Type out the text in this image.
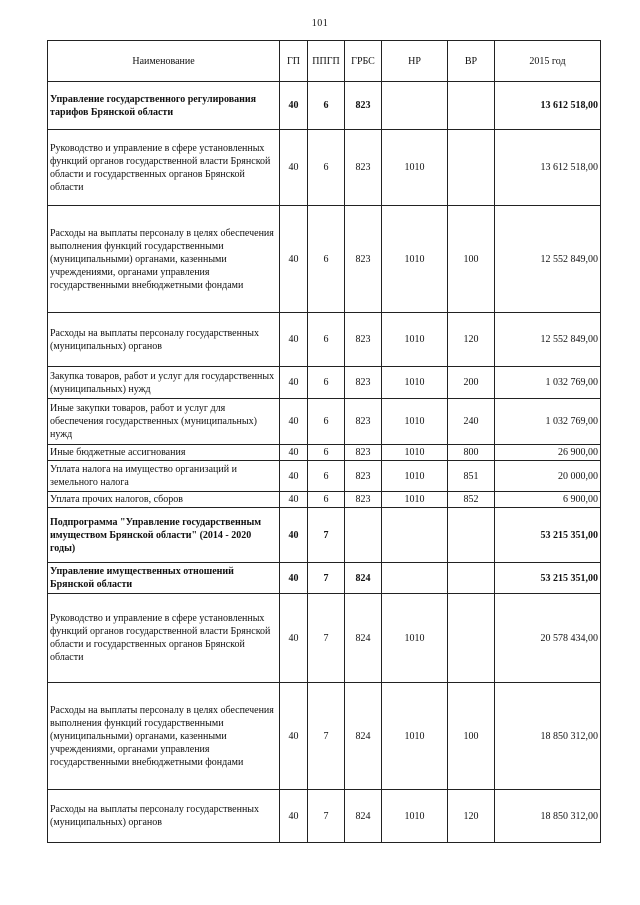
101
Наименование	ГП	ППГП	ГРБС	НР	ВР	2015 год
Управление государственного регулирования тарифов Брянской области	40	6	823			13 612 518,00
Руководство и управление в сфере установленных функций органов государственной власти Брянской области и государственных органов Брянской области	40	6	823	1010		13 612 518,00
Расходы на выплаты персоналу в целях обеспечения выполнения функций государственными (муниципальными) органами, казенными учреждениями, органами управления государственными внебюджетными фондами	40	6	823	1010	100	12 552 849,00
Расходы на выплаты персоналу государственных (муниципальных) органов	40	6	823	1010	120	12 552 849,00
Закупка товаров, работ и услуг для государственных (муниципальных) нужд	40	6	823	1010	200	1 032 769,00
Иные закупки товаров, работ и услуг для обеспечения государственных (муниципальных) нужд	40	6	823	1010	240	1 032 769,00
Иные бюджетные ассигнования	40	6	823	1010	800	26 900,00
Уплата налога на имущество организаций и земельного налога	40	6	823	1010	851	20 000,00
Уплата прочих налогов, сборов	40	6	823	1010	852	6 900,00
Подпрограмма "Управление государственным имуществом Брянской области" (2014 - 2020 годы)	40	7				53 215 351,00
Управление имущественных отношений Брянской области	40	7	824			53 215 351,00
Руководство и управление в сфере установленных функций органов государственной власти Брянской области и государственных органов Брянской области	40	7	824	1010		20 578 434,00
Расходы на выплаты персоналу в целях обеспечения выполнения функций государственными (муниципальными) органами, казенными учреждениями, органами управления государственными внебюджетными фондами	40	7	824	1010	100	18 850 312,00
Расходы на выплаты персоналу государственных (муниципальных) органов	40	7	824	1010	120	18 850 312,00
